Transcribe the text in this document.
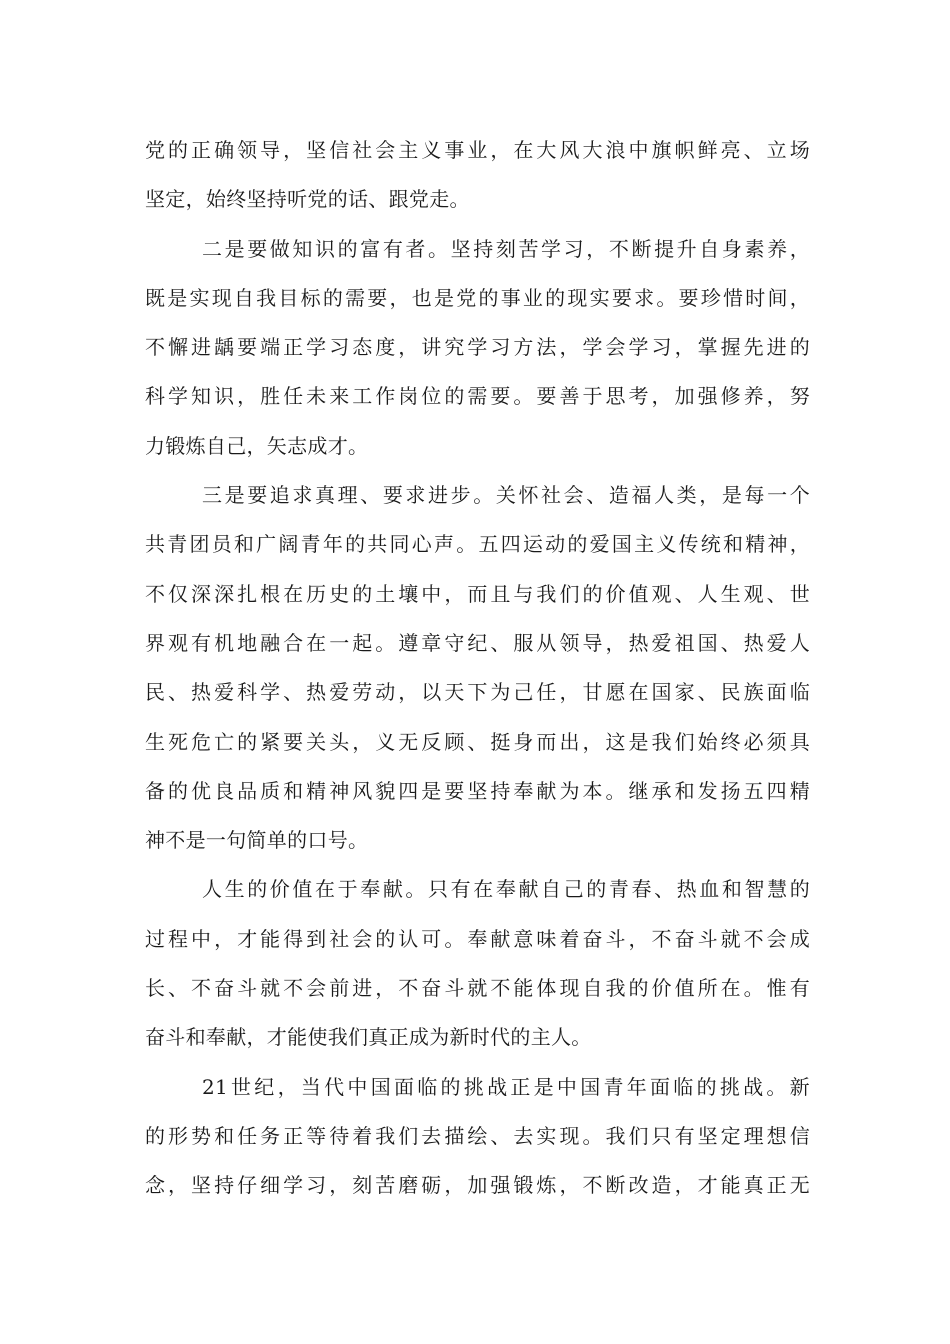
党的正确领导，坚信社会主义事业，在大风大浪中旗帜鲜亮、立场
坚定，始终坚持听党的话、跟党走。
二是要做知识的富有者。坚持刻苦学习，不断提升自身素养，
既是实现自我目标的需要，也是党的事业的现实要求。要珍惜时间，
不懈进龋要端正学习态度，讲究学习方法，学会学习，掌握先进的
科学知识，胜任未来工作岗位的需要。要善于思考，加强修养，努
力锻炼自己，矢志成才。
三是要追求真理、要求进步。关怀社会、造福人类，是每一个
共青团员和广阔青年的共同心声。五四运动的爱国主义传统和精神，
不仅深深扎根在历史的土壤中，而且与我们的价值观、人生观、世
界观有机地融合在一起。遵章守纪、服从领导，热爱祖国、热爱人
民、热爱科学、热爱劳动，以天下为己任，甘愿在国家、民族面临
生死危亡的紧要关头，义无反顾、挺身而出，这是我们始终必须具
备的优良品质和精神风貌四是要坚持奉献为本。继承和发扬五四精
神不是一句简单的口号。
人生的价值在于奉献。只有在奉献自己的青春、热血和智慧的
过程中，才能得到社会的认可。奉献意味着奋斗，不奋斗就不会成
长、不奋斗就不会前进，不奋斗就不能体现自我的价值所在。惟有
奋斗和奉献，才能使我们真正成为新时代的主人。
21世纪，当代中国面临的挑战正是中国青年面临的挑战。新
的形势和任务正等待着我们去描绘、去实现。我们只有坚定理想信
念，坚持仔细学习，刻苦磨砺，加强锻炼，不断改造，才能真正无
